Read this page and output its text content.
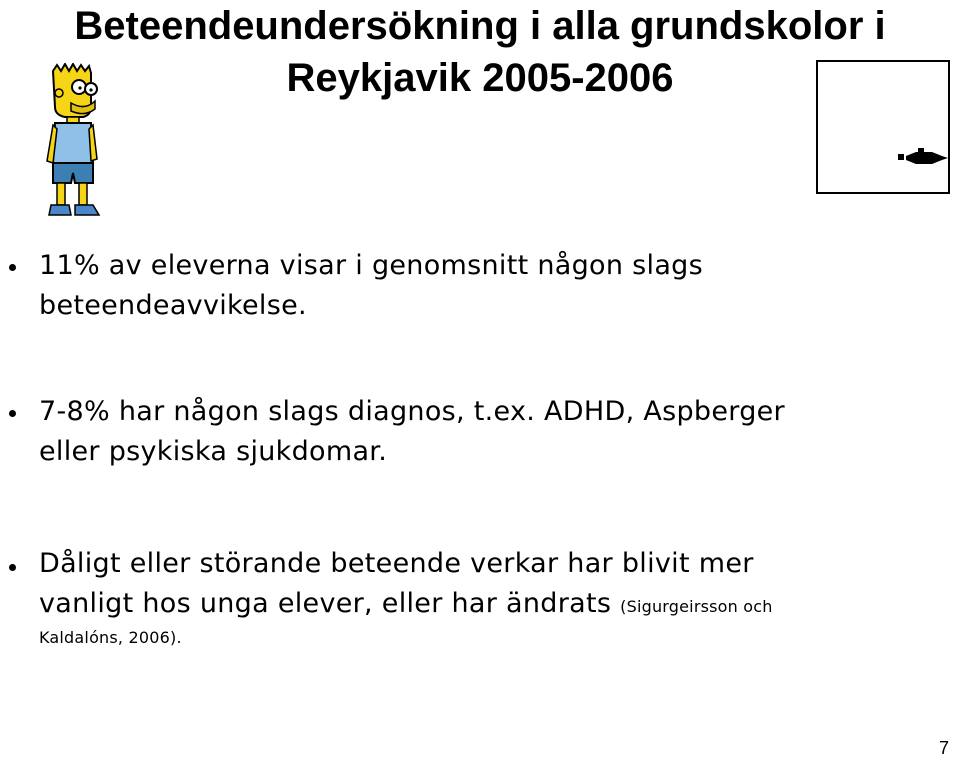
Beteendeundersökning i alla grundskolor i
Reykjavik 2005-2006
11% av eleverna visar i genomsnitt någon slags
beteendeavvikelse.
7-8% har någon slags diagnos, t.ex. ADHD, Aspberger
eller psykiska sjukdomar.
Dåligt eller störande beteende verkar har blivit mer
vanligt hos unga elever, eller har ändrats (Sigurgeirsson och
Kaldalóns, 2006).
7
